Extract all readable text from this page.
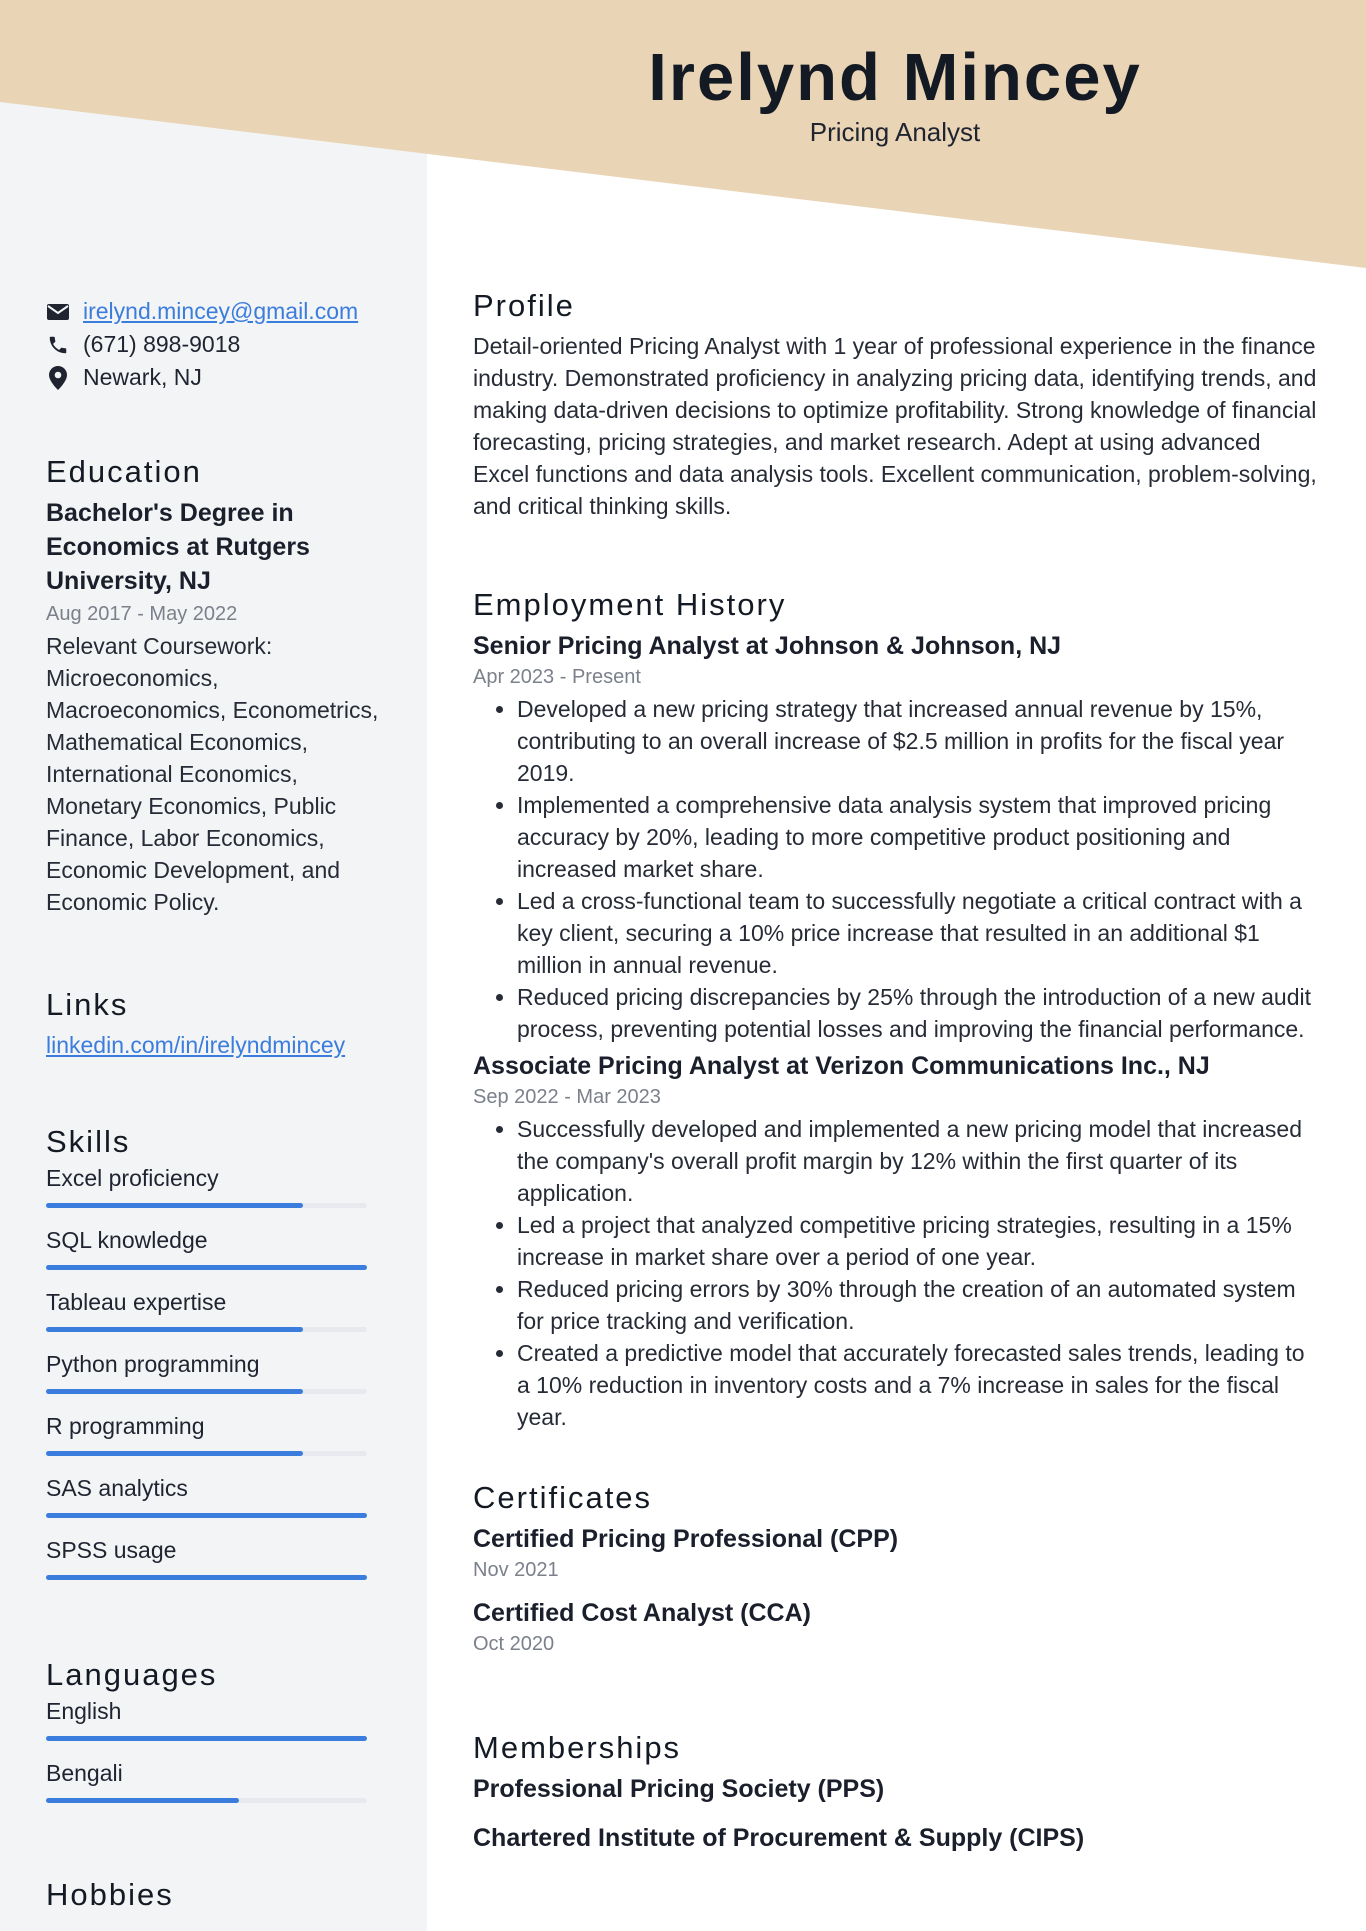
Irelynd Mincey
Pricing Analyst
irelynd.mincey@gmail.com
(671) 898-9018
Newark, NJ
Education
Bachelor's Degree in Economics at Rutgers University, NJ
Aug 2017 - May 2022
Relevant Coursework: Microeconomics, Macroeconomics, Econometrics, Mathematical Economics, International Economics, Monetary Economics, Public Finance, Labor Economics, Economic Development, and Economic Policy.
Links
linkedin.com/in/irelyndmincey
Skills
Excel proficiency
SQL knowledge
Tableau expertise
Python programming
R programming
SAS analytics
SPSS usage
Languages
English
Bengali
Hobbies
Profile
Detail-oriented Pricing Analyst with 1 year of professional experience in the finance industry. Demonstrated proficiency in analyzing pricing data, identifying trends, and making data-driven decisions to optimize profitability. Strong knowledge of financial forecasting, pricing strategies, and market research. Adept at using advanced Excel functions and data analysis tools. Excellent communication, problem-solving, and critical thinking skills.
Employment History
Senior Pricing Analyst at Johnson & Johnson, NJ
Apr 2023 - Present
• Developed a new pricing strategy that increased annual revenue by 15%, contributing to an overall increase of $2.5 million in profits for the fiscal year 2019.
• Implemented a comprehensive data analysis system that improved pricing accuracy by 20%, leading to more competitive product positioning and increased market share.
• Led a cross-functional team to successfully negotiate a critical contract with a key client, securing a 10% price increase that resulted in an additional $1 million in annual revenue.
• Reduced pricing discrepancies by 25% through the introduction of a new audit process, preventing potential losses and improving the financial performance.
Associate Pricing Analyst at Verizon Communications Inc., NJ
Sep 2022 - Mar 2023
• Successfully developed and implemented a new pricing model that increased the company's overall profit margin by 12% within the first quarter of its application.
• Led a project that analyzed competitive pricing strategies, resulting in a 15% increase in market share over a period of one year.
• Reduced pricing errors by 30% through the creation of an automated system for price tracking and verification.
• Created a predictive model that accurately forecasted sales trends, leading to a 10% reduction in inventory costs and a 7% increase in sales for the fiscal year.
Certificates
Certified Pricing Professional (CPP)
Nov 2021
Certified Cost Analyst (CCA)
Oct 2020
Memberships
Professional Pricing Society (PPS)
Chartered Institute of Procurement & Supply (CIPS)
